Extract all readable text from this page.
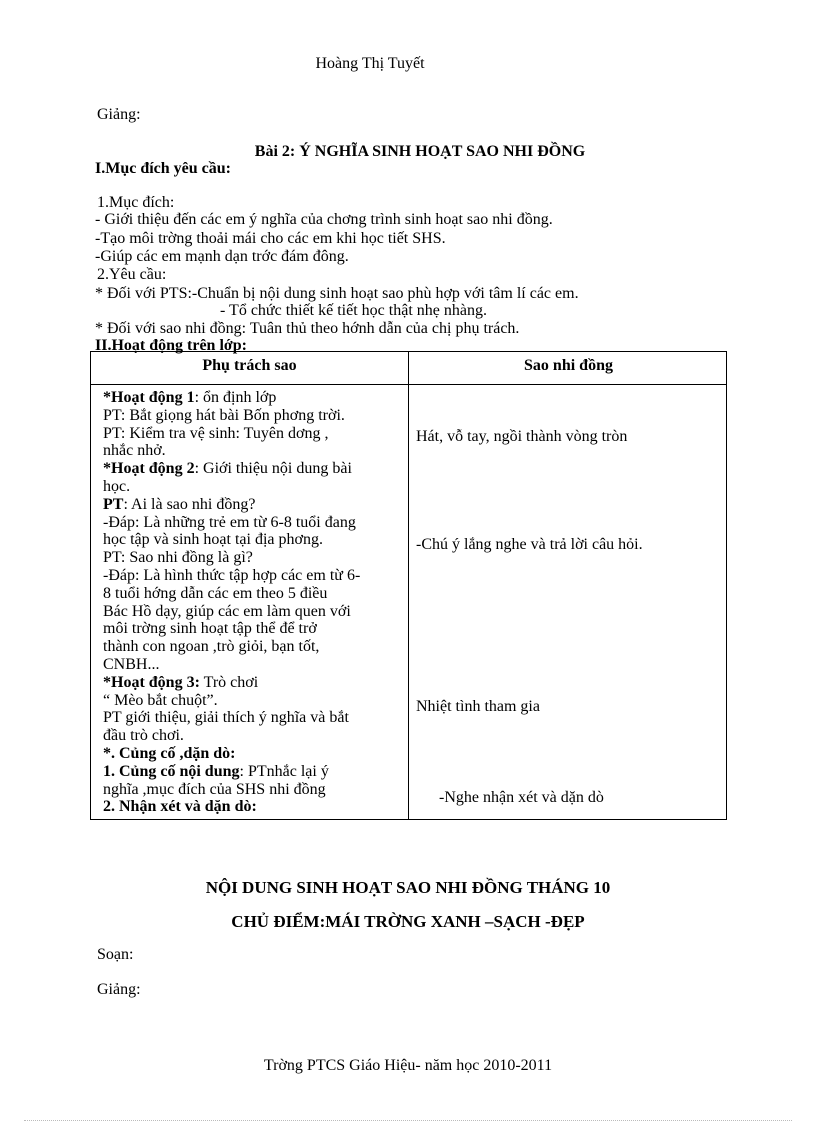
Hoàng Thị Tuyết
Giảng:
Bài 2: Ý NGHĨA SINH HOẠT SAO NHI ĐỒNG
I.Mục đích yêu cầu:
1.Mục đích:
- Giới thiệu đến các em ý nghĩa của chơng trình sinh hoạt sao nhi đồng.
-Tạo môi trờng thoải mái cho các em khi học tiết SHS.
-Giúp các em mạnh dạn trớc đám đông.
2.Yêu cầu:
* Đối với PTS:-Chuẩn bị nội dung sinh hoạt sao phù hợp với tâm lí các em.
- Tổ chức thiết kế tiết học thật nhẹ nhàng.
* Đối với sao nhi đồng: Tuân thủ theo hớnh dẫn của chị phụ trách.
II.Hoạt động trên lớp:
Phụ trách sao	Sao nhi đồng
*Hoạt động 1: ổn định lớp
PT: Bắt giọng hát bài Bốn phơng trời.
PT: Kiểm tra vệ sinh: Tuyên dơng ,
nhắc nhở.
*Hoạt động 2: Giới thiệu nội dung bài
học.
PT: Ai là sao nhi đồng?
-Đáp: Là những trẻ em từ 6-8 tuổi đang
học tập và sinh hoạt tại địa phơng.
PT: Sao nhi đồng là gì?
-Đáp: Là hình thức tập hợp các em từ 6-
8 tuổi hớng dẫn các em theo 5 điều
Bác Hồ dạy, giúp các em làm quen với
môi trờng sinh hoạt tập thể để trở
thành con ngoan ,trò giỏi, bạn tốt,
CNBH...
*Hoạt động 3: Trò chơi
“ Mèo bắt chuột”.
PT giới thiệu, giải thích ý nghĩa và bắt
đầu trò chơi.
*. Củng cố ,dặn dò:
1. Củng cố nội dung: PTnhắc lại ý
nghĩa ,mục đích của SHS nhi đồng
2. Nhận xét và dặn dò:
Hát, vỗ tay, ngồi thành vòng tròn
-Chú ý lắng nghe và trả lời câu hỏi.
Nhiệt tình tham gia
-Nghe nhận xét và dặn dò
NỘI DUNG SINH HOẠT SAO NHI ĐỒNG THÁNG 10
CHỦ ĐIỂM:MÁI TRỜNG XANH –SẠCH -ĐẸP
Soạn:
Giảng:
Trờng PTCS Giáo Hiệu- năm học 2010-2011
